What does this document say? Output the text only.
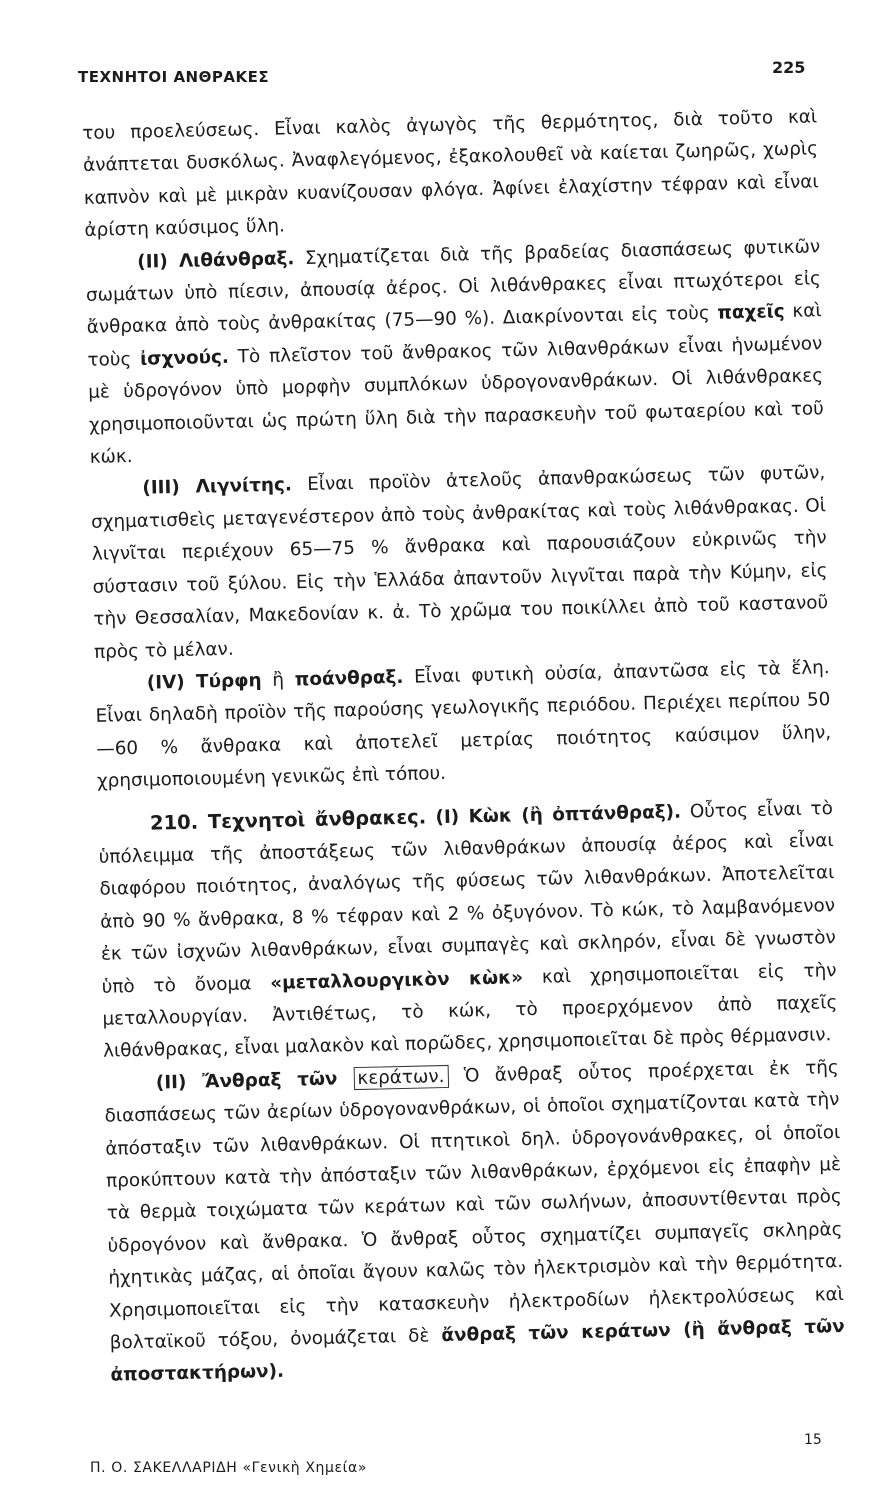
ΤΕΧΝΗΤΟΙ ΑΝΘΡΑΚΕΣ	225

του προελεύσεως. Εἶναι καλὸς ἀγωγὸς τῆς θερμότητος, διὰ τοῦτο καὶ ἀνάπτεται δυσκόλως. Ἀναφλεγόμενος, ἐξακολουθεῖ νὰ καίεται ζωηρῶς, χωρὶς καπνὸν καὶ μὲ μικρὰν κυανίζουσαν φλόγα. Ἀφίνει ἐλαχίστην τέφραν καὶ εἶναι ἀρίστη καύσιμος ὕλη.

(II) Λιθάνθραξ. Σχηματίζεται διὰ τῆς βραδείας διασπάσεως φυτικῶν σωμάτων ὑπὸ πίεσιν, ἀπουσίᾳ ἀέρος. Οἱ λιθάνθρακες εἶναι πτωχότεροι εἰς ἄνθρακα ἀπὸ τοὺς ἀνθρακίτας (75—90 %). Διακρίνονται εἰς τοὺς παχεῖς καὶ τοὺς ἰσχνούς. Τὸ πλεῖστον τοῦ ἄνθρακος τῶν λιθανθράκων εἶναι ἡνωμένον μὲ ὑδρογόνον ὑπὸ μορφὴν συμπλόκων ὑδρογονανθράκων. Οἱ λιθάνθρακες χρησιμοποιοῦνται ὡς πρώτη ὕλη διὰ τὴν παρασκευὴν τοῦ φωταερίου καὶ τοῦ κώκ.

(III) Λιγνίτης. Εἶναι προϊὸν ἀτελοῦς ἀπανθρακώσεως τῶν φυτῶν, σχηματισθεὶς μεταγενέστερον ἀπὸ τοὺς ἀνθρακίτας καὶ τοὺς λιθάνθρακας. Οἱ λιγνῖται περιέχουν 65—75 % ἄνθρακα καὶ παρουσιάζουν εὐκρινῶς τὴν σύστασιν τοῦ ξύλου. Εἰς τὴν Ἑλλάδα ἀπαντοῦν λιγνῖται παρὰ τὴν Κύμην, εἰς τὴν Θεσσαλίαν, Μακεδονίαν κ. ἀ. Τὸ χρῶμα του ποικίλλει ἀπὸ τοῦ καστανοῦ πρὸς τὸ μέλαν.

(IV) Τύρφη ἢ ποάνθραξ. Εἶναι φυτικὴ οὐσία, ἀπαντῶσα εἰς τὰ ἕλη. Εἶναι δηλαδὴ προϊὸν τῆς παρούσης γεωλογικῆς περιόδου. Περιέχει περίπου 50—60 % ἄνθρακα καὶ ἀποτελεῖ μετρίας ποιότητος καύσιμον ὕλην, χρησιμοποιουμένη γενικῶς ἐπὶ τόπου.

210. Τεχνητοὶ ἄνθρακες. (I) Κὼκ (ἢ ὀπτάνθραξ). Οὗτος εἶναι τὸ ὑπόλειμμα τῆς ἀποστάξεως τῶν λιθανθράκων ἀπουσίᾳ ἀέρος καὶ εἶναι διαφόρου ποιότητος, ἀναλόγως τῆς φύσεως τῶν λιθανθράκων. Ἀποτελεῖται ἀπὸ 90 % ἄνθρακα, 8 % τέφραν καὶ 2 % ὀξυγόνον. Τὸ κώκ, τὸ λαμβανόμενον ἐκ τῶν ἰσχνῶν λιθανθράκων, εἶναι συμπαγὲς καὶ σκληρόν, εἶναι δὲ γνωστὸν ὑπὸ τὸ ὄνομα «μεταλλουργικὸν κὼκ» καὶ χρησιμοποιεῖται εἰς τὴν μεταλλουργίαν. Ἀντιθέτως, τὸ κώκ, τὸ προερχόμενον ἀπὸ παχεῖς λιθάνθρακας, εἶναι μαλακὸν καὶ πορῶδες, χρησιμοποιεῖται δὲ πρὸς θέρμανσιν.

(II) Ἄνθραξ τῶν κεράτων. Ὁ ἄνθραξ οὗτος προέρχεται ἐκ τῆς διασπάσεως τῶν ἀερίων ὑδρογονανθράκων, οἱ ὁποῖοι σχηματίζονται κατὰ τὴν ἀπόσταξιν τῶν λιθανθράκων. Οἱ πτητικοὶ δηλ. ὑδρογονάνθρακες, οἱ ὁποῖοι προκύπτουν κατὰ τὴν ἀπόσταξιν τῶν λιθανθράκων, ἐρχόμενοι εἰς ἐπαφὴν μὲ τὰ θερμὰ τοιχώματα τῶν κεράτων καὶ τῶν σωλήνων, ἀποσυντίθενται πρὸς ὑδρογόνον καὶ ἄνθρακα. Ὁ ἄνθραξ οὗτος σχηματίζει συμπαγεῖς σκληρὰς ἠχητικὰς μάζας, αἱ ὁποῖαι ἄγουν καλῶς τὸν ἠλεκτρισμὸν καὶ τὴν θερμότητα. Χρησιμοποιεῖται εἰς τὴν κατασκευὴν ἠλεκτροδίων ἠλεκτρολύσεως καὶ βολταϊκοῦ τόξου, ὀνομάζεται δὲ ἄνθραξ τῶν κεράτων (ἢ ἄνθραξ τῶν ἀποστακτήρων).

15
Π. Ο. ΣΑΚΕΛΛΑΡΙΔΗ «Γενικὴ Χημεία»
